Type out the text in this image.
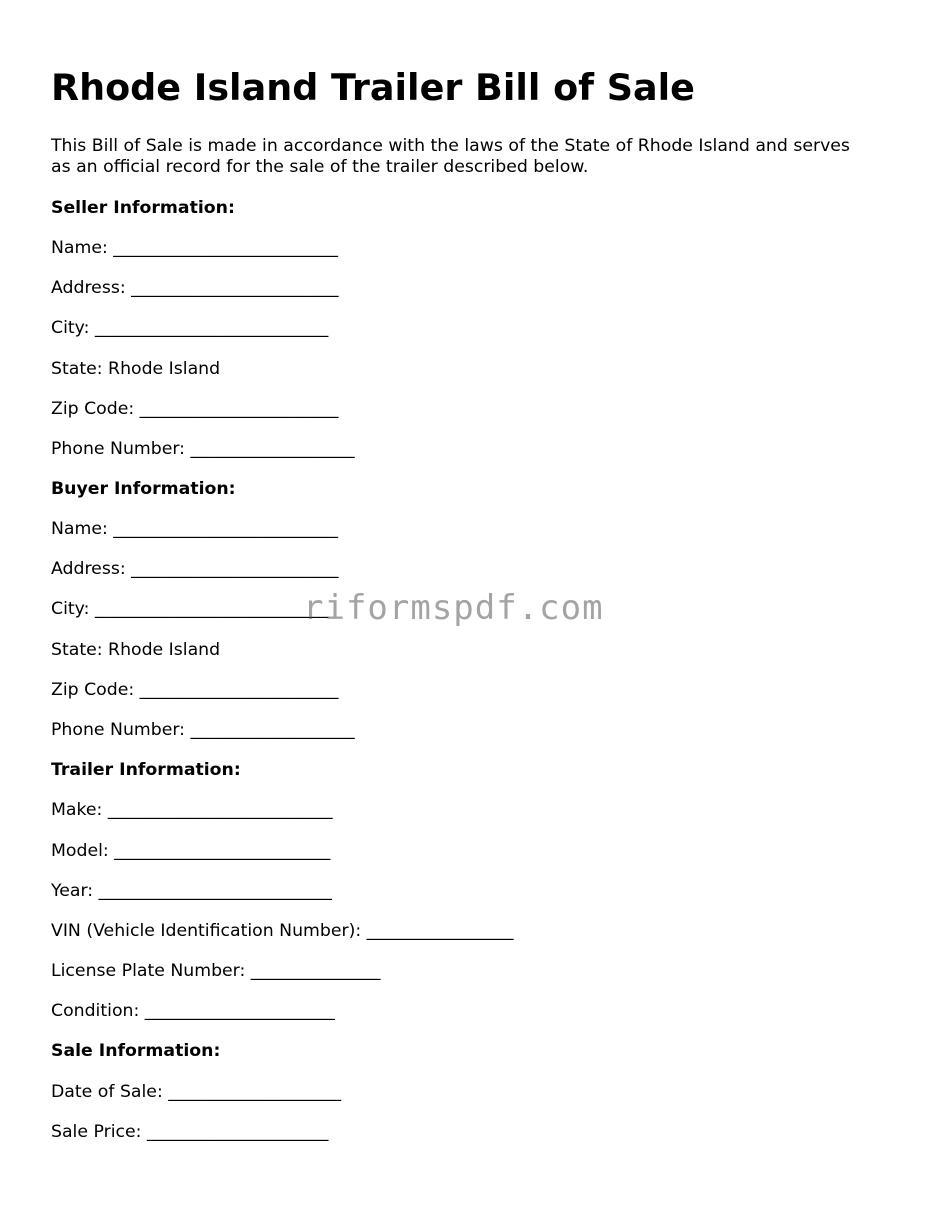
Rhode Island Trailer Bill of Sale

This Bill of Sale is made in accordance with the laws of the State of Rhode Island and serves as an official record for the sale of the trailer described below.

Seller Information:
Name: __________________________
Address: ________________________
City: ___________________________
State: Rhode Island
Zip Code: _______________________
Phone Number: ___________________
Buyer Information:
Name: __________________________
Address: ________________________
City: ___________________________
State: Rhode Island
Zip Code: _______________________
Phone Number: ___________________
Trailer Information:
Make: __________________________
Model: _________________________
Year: ___________________________
VIN (Vehicle Identification Number): _________________
License Plate Number: _______________
Condition: ______________________
Sale Information:
Date of Sale: ____________________
Sale Price: _____________________
riformspdf.com
